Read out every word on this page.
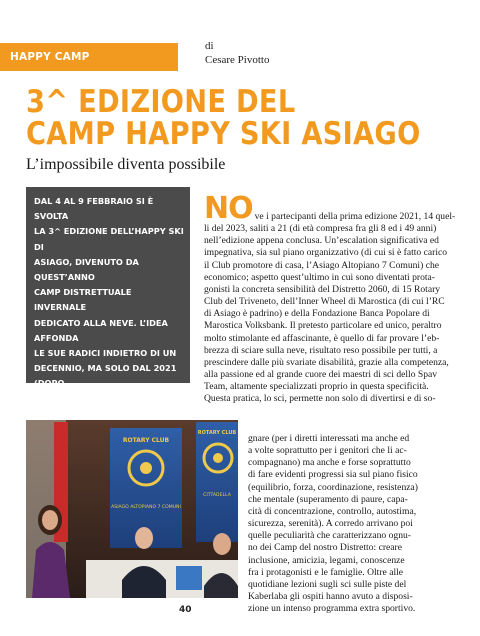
HAPPY CAMP
di
Cesare Pivotto
3^ EDIZIONE DEL
CAMP HAPPY SKI ASIAGO
L’impossibile diventa possibile
DAL 4 AL 9 FEBBRAIO SI È SVOLTA
LA 3^ EDIZIONE DELL’HAPPY SKI DI
ASIAGO, DIVENUTO DA QUEST’ANNO
CAMP DISTRETTUALE INVERNALE
DEDICATO ALLA NEVE. L’IDEA AFFONDA
LE SUE RADICI INDIETRO DI UN
DECENNIO, MA SOLO DAL 2021 (DOPO
IL RINVIO CAUSA COVID DEL 2020) HA
NO ve i partecipanti della prima edizione 2021, 14 quel-

li del 2023, saliti a 21 (di età compresa fra gli 8 ed i 49 anni)

nell’edizione appena conclusa. Un’escalation significativa ed

impegnativa, sia sul piano organizzativo (di cui si è fatto carico

il Club promotore di casa, l’Asiago Altopiano 7 Comuni) che

economico; aspetto quest’ultimo in cui sono diventati prota-

gonisti la concreta sensibilità del Distretto 2060, di 15 Rotary

Club del Triveneto, dell’Inner Wheel di Marostica (di cui l’RC

di Asiago è padrino) e della Fondazione Banca Popolare di

Marostica Volksbank. Il pretesto particolare ed unico, peraltro

molto stimolante ed affascinante, è quello di far provare l’eb-

brezza di sciare sulla neve, risultato reso possibile per tutti, a

prescindere dalle più svariate disabilità, grazie alla competenza,

alla passione ed al grande cuore dei maestri di sci dello Spav

Team, altamente specializzati proprio in questa specificità.

Questa pratica, lo sci, permette non solo di divertirsi e di so-

ROTARY CLUB
ASIAGO ALTOPIANO 7 COMUNI
ROTARY CLUB
CITTADELLA

gnare (per i diretti interessati ma anche ed

a volte soprattutto per i genitori che li ac-

compagnano) ma anche e forse soprattutto

di fare evidenti progressi sia sul piano fisico

(equilibrio, forza, coordinazione, resistenza)

che mentale (superamento di paure, capa-

cità di concentrazione, controllo, autostima,

sicurezza, serenità). A corredo arrivano poi

quelle peculiarità che caratterizzano ognu-

no dei Camp del nostro Distretto: creare

inclusione, amicizia, legami, conoscenze

fra i protagonisti e le famiglie. Oltre alle

quotidiane lezioni sugli sci sulle piste del

Kaberlaba gli ospiti hanno avuto a disposi-

zione un intenso programma extra sportivo.

40
